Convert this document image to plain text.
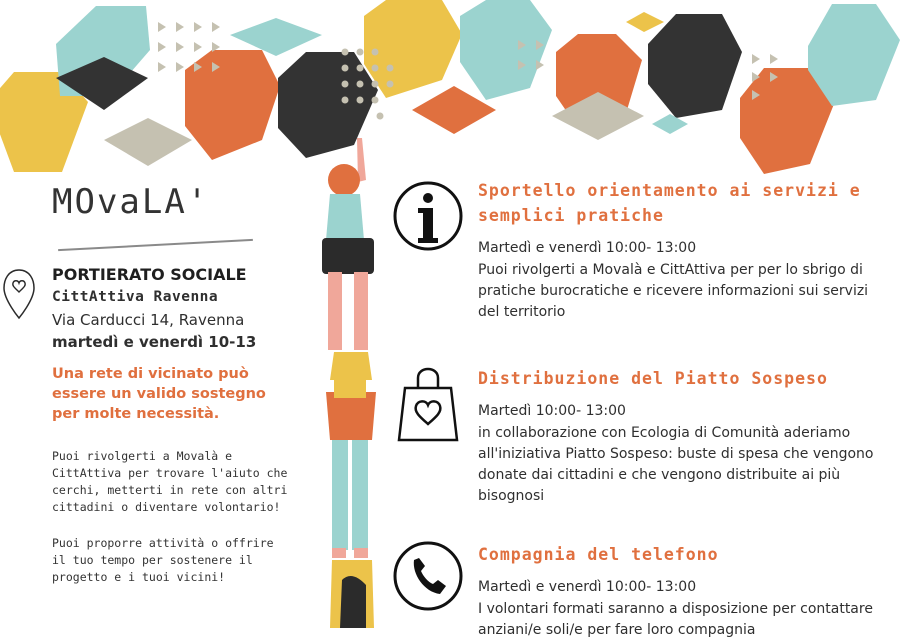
MOvaLA'
PORTIERATO SOCIALE
CittAttiva Ravenna
Via Carducci 14, Ravenna
martedì e venerdì 10-13
Una rete di vicinato può essere un valido sostegno per molte necessità.
Puoi rivolgerti a Movalà e CittAttiva per trovare l'aiuto che cerchi, metterti in rete con altri cittadini o diventare volontario!
Puoi proporre attività o offrire il tuo tempo per sostenere il progetto e i tuoi vicini!
Sportello orientamento ai servizi e semplici pratiche
Martedì e venerdì 10:00- 13:00
Puoi rivolgerti a Movalà e CittAttiva per per lo sbrigo di pratiche burocratiche e ricevere informazioni sui servizi del territorio
Distribuzione del Piatto Sospeso
Martedì 10:00- 13:00
in collaborazione con Ecologia di Comunità aderiamo all'iniziativa Piatto Sospeso: buste di spesa che vengono donate dai cittadini e che vengono distribuite ai più bisognosi
Compagnia del telefono
Martedì e venerdì 10:00- 13:00
I volontari formati saranno a disposizione per contattare anziani/e soli/e per fare loro compagnia
